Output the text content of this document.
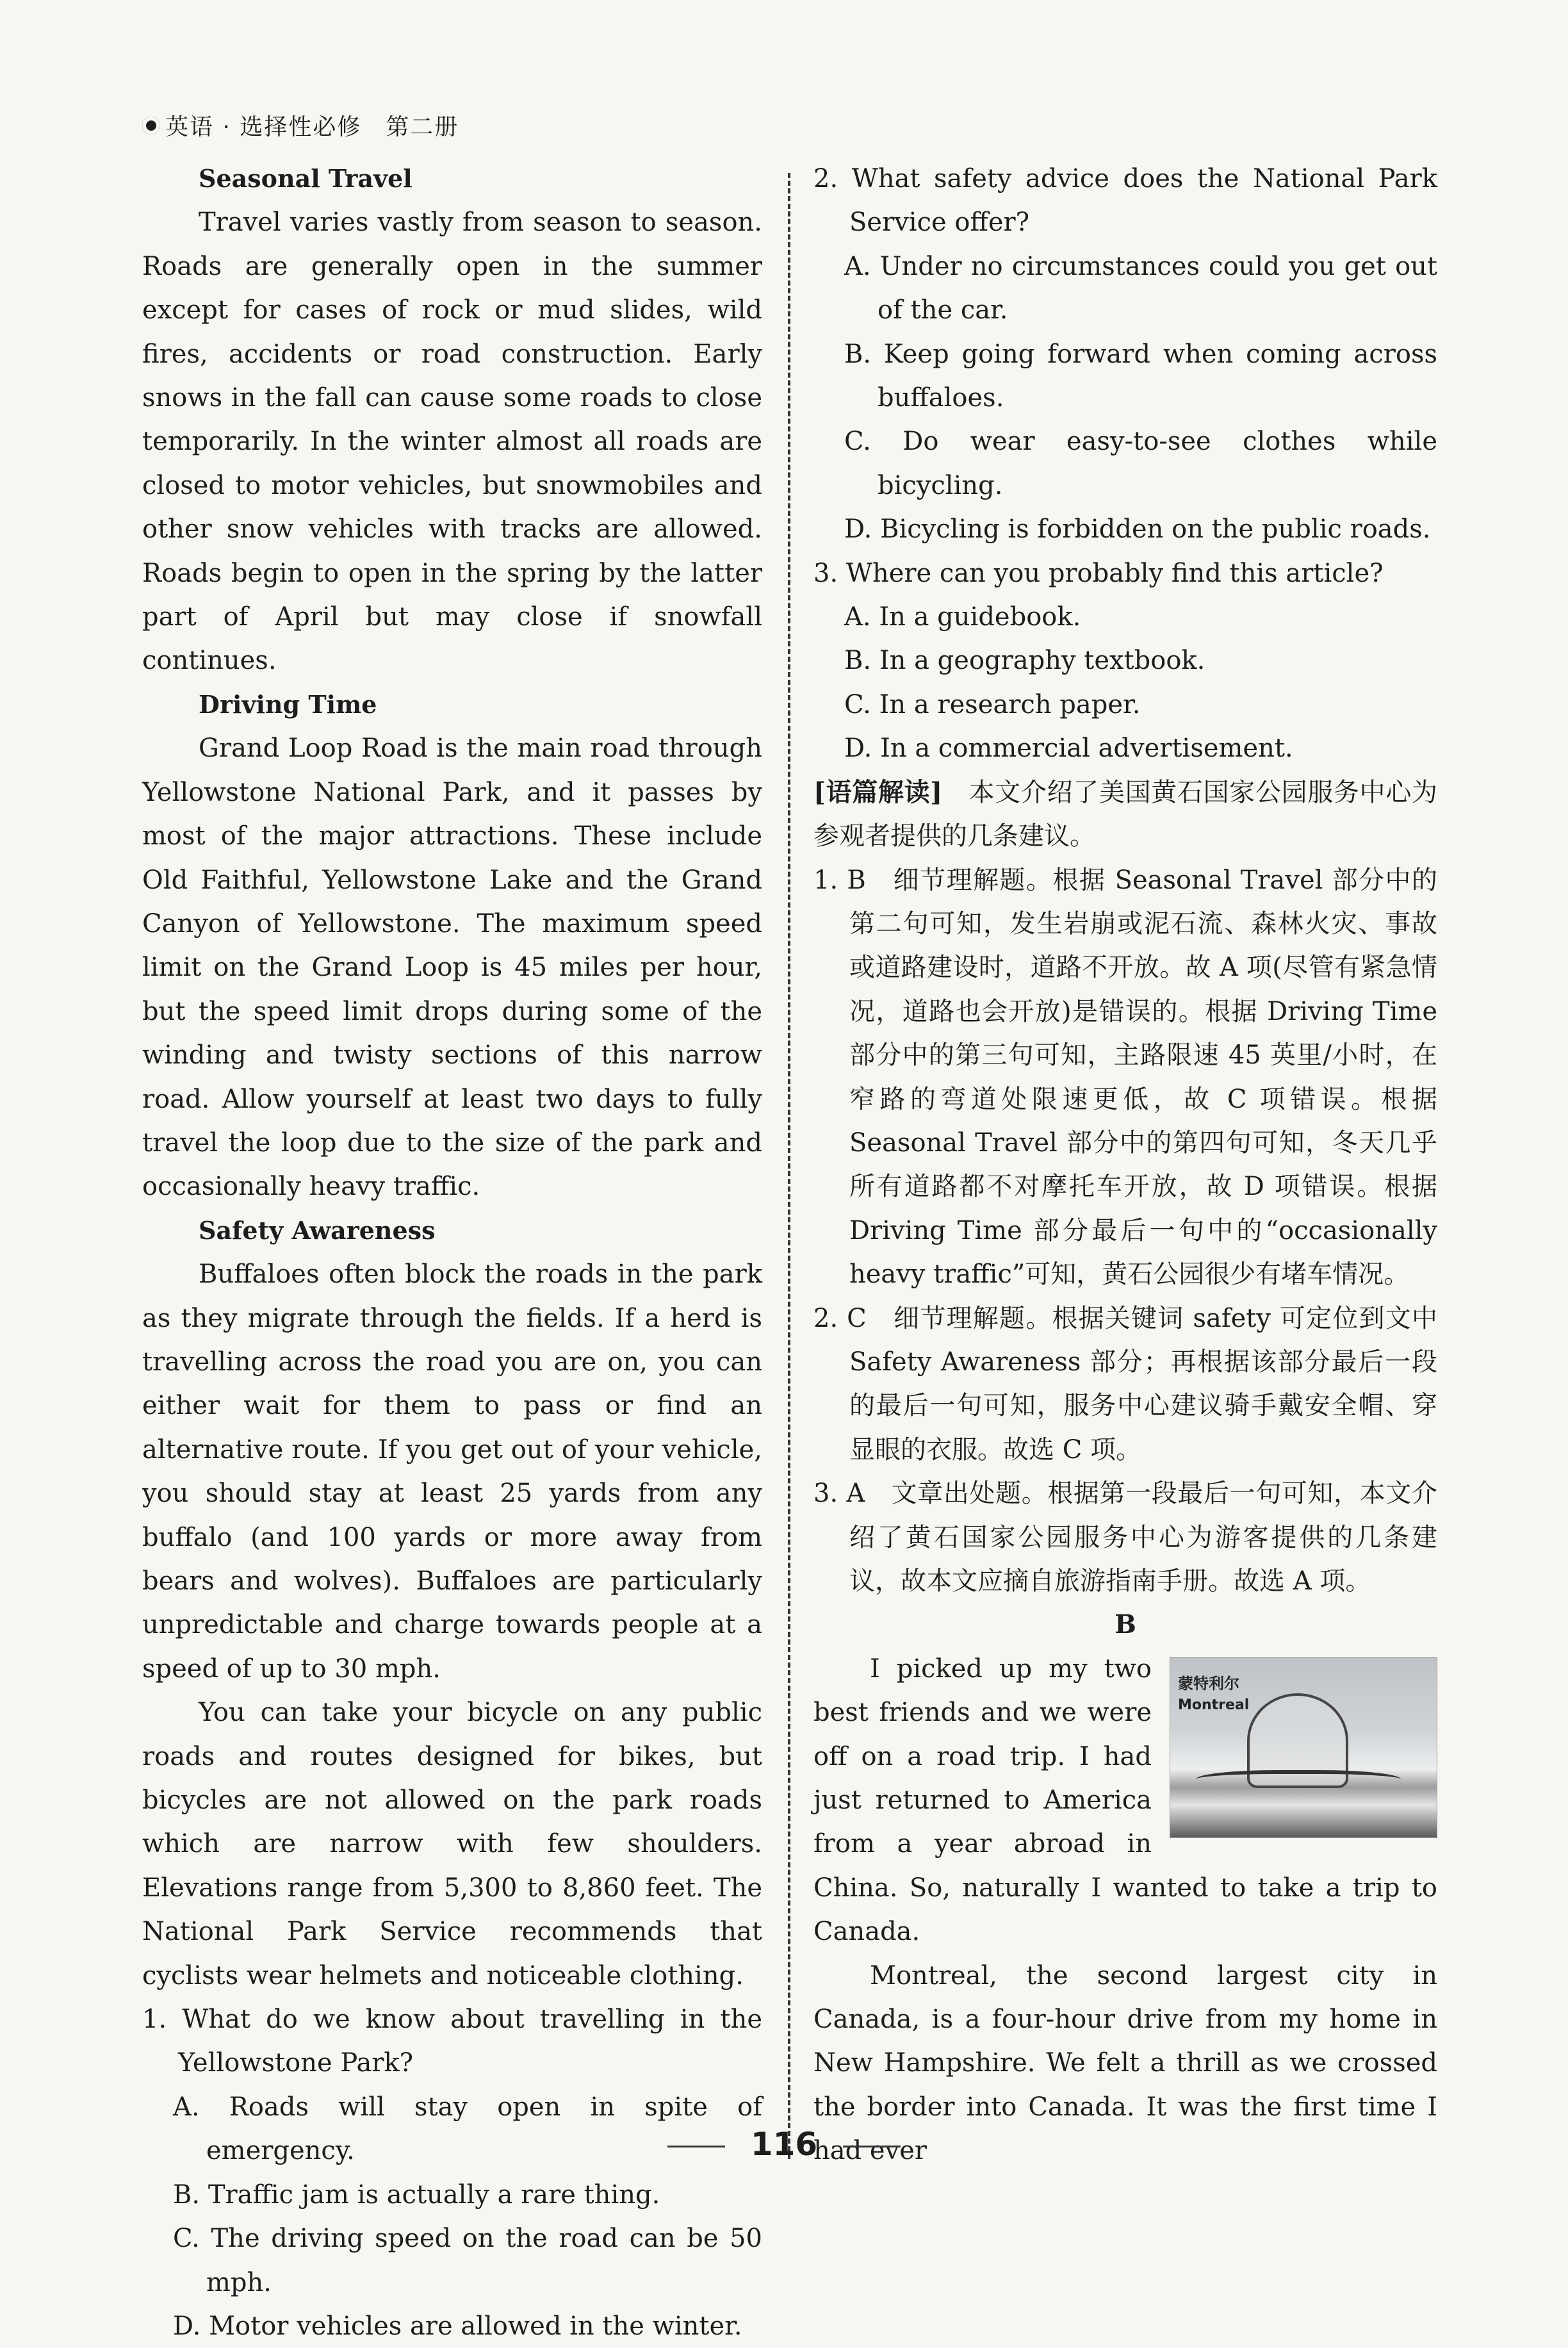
英语 · 选择性必修　第二册

Seasonal Travel

Travel varies vastly from season to season. Roads are generally open in the summer except for cases of rock or mud slides, wild fires, accidents or road construction. Early snows in the fall can cause some roads to close temporarily. In the winter almost all roads are closed to motor vehicles, but snowmobiles and other snow vehicles with tracks are allowed. Roads begin to open in the spring by the latter part of April but may close if snowfall continues.

Driving Time

Grand Loop Road is the main road through Yellowstone National Park, and it passes by most of the major attractions. These include Old Faithful, Yellowstone Lake and the Grand Canyon of Yellowstone. The maximum speed limit on the Grand Loop is 45 miles per hour, but the speed limit drops during some of the winding and twisty sections of this narrow road. Allow yourself at least two days to fully travel the loop due to the size of the park and occasionally heavy traffic.

Safety Awareness

Buffaloes often block the roads in the park as they migrate through the fields. If a herd is travelling across the road you are on, you can either wait for them to pass or find an alternative route. If you get out of your vehicle, you should stay at least 25 yards from any buffalo (and 100 yards or more away from bears and wolves). Buffaloes are particularly unpredictable and charge towards people at a speed of up to 30 mph.

You can take your bicycle on any public roads and routes designed for bikes, but bicycles are not allowed on the park roads which are narrow with few shoulders. Elevations range from 5,300 to 8,860 feet. The National Park Service recommends that cyclists wear helmets and noticeable clothing.

1. What do we know about travelling in the Yellowstone Park?

A. Roads will stay open in spite of emergency.

B. Traffic jam is actually a rare thing.

C. The driving speed on the road can be 50 mph.

D. Motor vehicles are allowed in the winter.

2. What safety advice does the National Park Service offer?

A. Under no circumstances could you get out of the car.

B. Keep going forward when coming across buffaloes.

C. Do wear easy-to-see clothes while bicycling.

D. Bicycling is forbidden on the public roads.

3. Where can you probably find this article?

A. In a guidebook.

B. In a geography textbook.

C. In a research paper.

D. In a commercial advertisement.

[语篇解读]　 本文介绍了美国黄石国家公园服务中心为参观者提供的几条建议。

1. B　细节理解题。根据 Seasonal Travel 部分中的第二句可知，发生岩崩或泥石流、森林火灾、事故或道路建设时，道路不开放。故 A 项(尽管有紧急情况，道路也会开放)是错误的。根据 Driving Time 部分中的第三句可知，主路限速 45 英里/小时，在窄路的弯道处限速更低，故 C 项错误。根据 Seasonal Travel 部分中的第四句可知，冬天几乎所有道路都不对摩托车开放，故 D 项错误。根据 Driving Time 部分最后一句中的“occasionally heavy traffic”可知，黄石公园很少有堵车情况。

2. C　细节理解题。根据关键词 safety 可定位到文中 Safety Awareness 部分；再根据该部分最后一段的最后一句可知，服务中心建议骑手戴安全帽、穿显眼的衣服。故选 C 项。

3. A　文章出处题。根据第一段最后一句可知，本文介绍了黄石国家公园服务中心为游客提供的几条建议，故本文应摘自旅游指南手册。故选 A 项。

B

蒙特利尔
Montreal

I picked up my two best friends and we were off on a road trip. I had just returned to America from a year abroad in China. So, naturally I wanted to take a trip to Canada.

Montreal, the second largest city in Canada, is a four-hour drive from my home in New Hampshire. We felt a thrill as we crossed the border into Canada. It was the first time I had ever

116
